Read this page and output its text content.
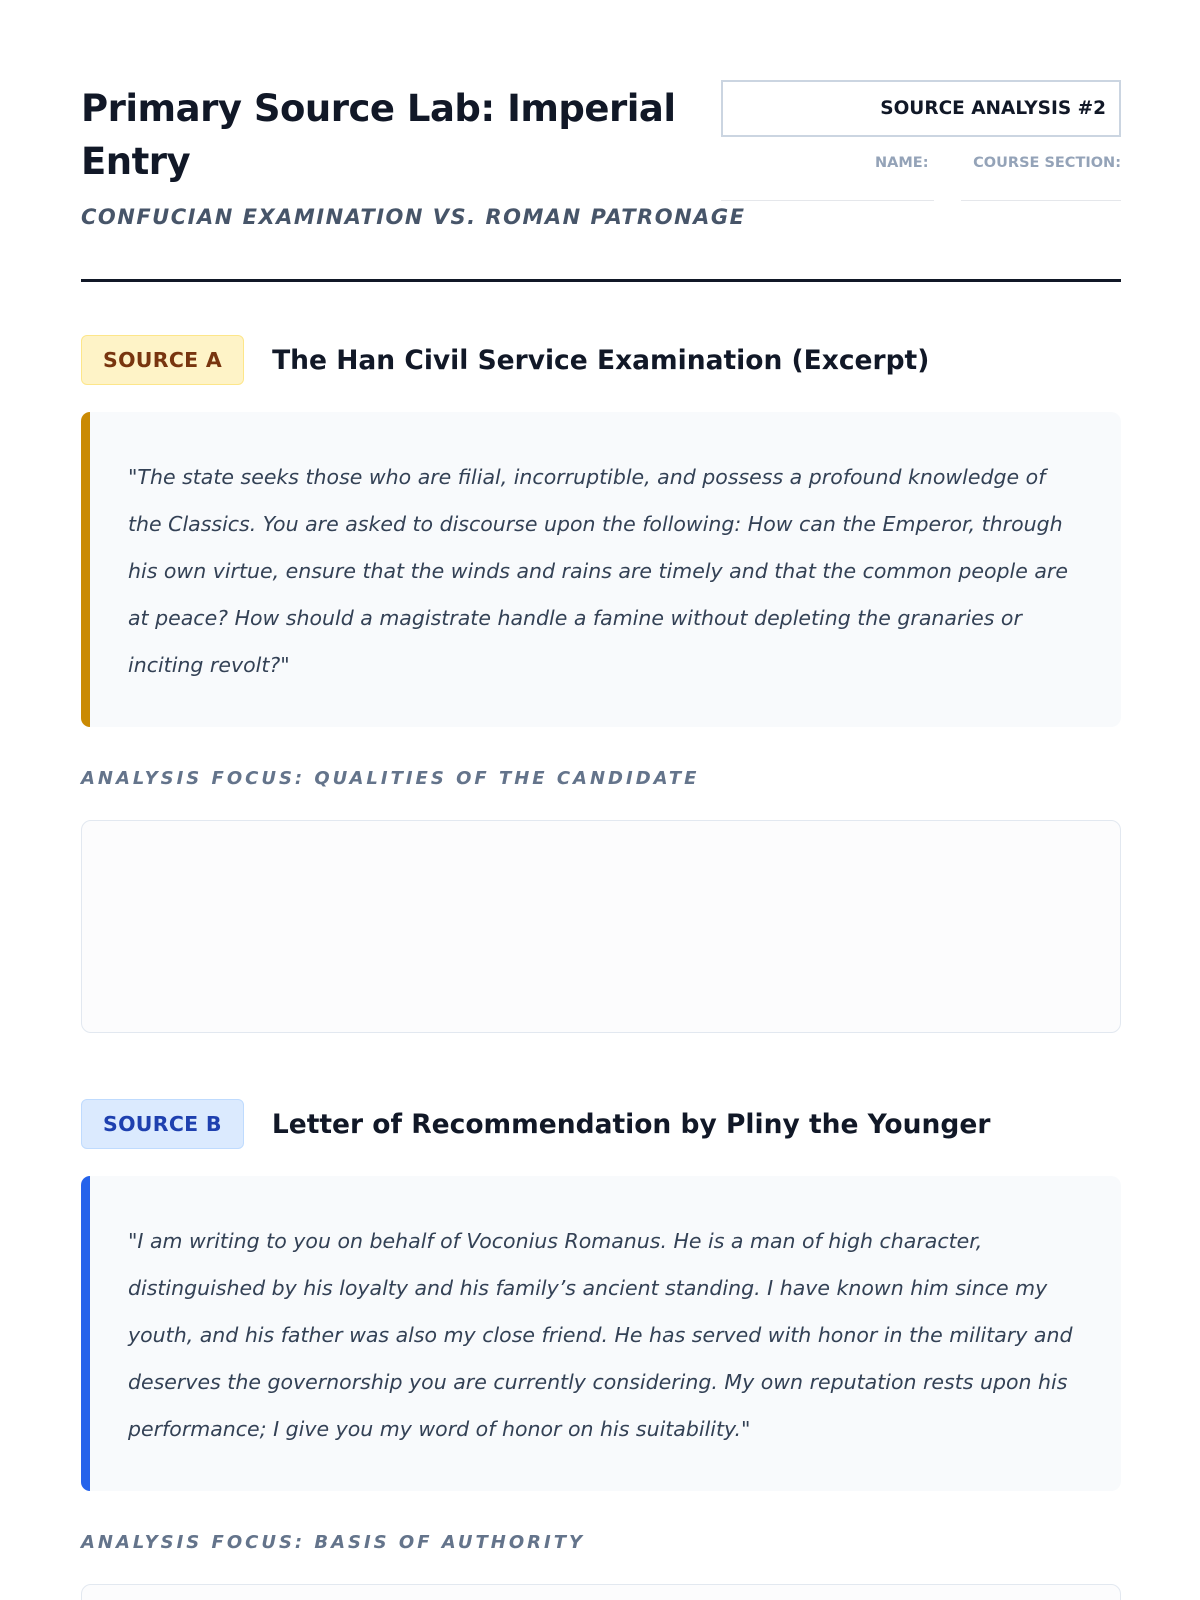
Primary Source Lab: Imperial Entry
CONFUCIAN EXAMINATION VS. ROMAN PATRONAGE
SOURCE ANALYSIS #2
NAME:	COURSE SECTION:
SOURCE A	The Han Civil Service Examination (Excerpt)
"The state seeks those who are filial, incorruptible, and possess a profound knowledge of the Classics. You are asked to discourse upon the following: How can the Emperor, through his own virtue, ensure that the winds and rains are timely and that the common people are at peace? How should a magistrate handle a famine without depleting the granaries or inciting revolt?"
ANALYSIS FOCUS: QUALITIES OF THE CANDIDATE
SOURCE B	Letter of Recommendation by Pliny the Younger
"I am writing to you on behalf of Voconius Romanus. He is a man of high character, distinguished by his loyalty and his family’s ancient standing. I have known him since my youth, and his father was also my close friend. He has served with honor in the military and deserves the governorship you are currently considering. My own reputation rests upon his performance; I give you my word of honor on his suitability."
ANALYSIS FOCUS: BASIS OF AUTHORITY
